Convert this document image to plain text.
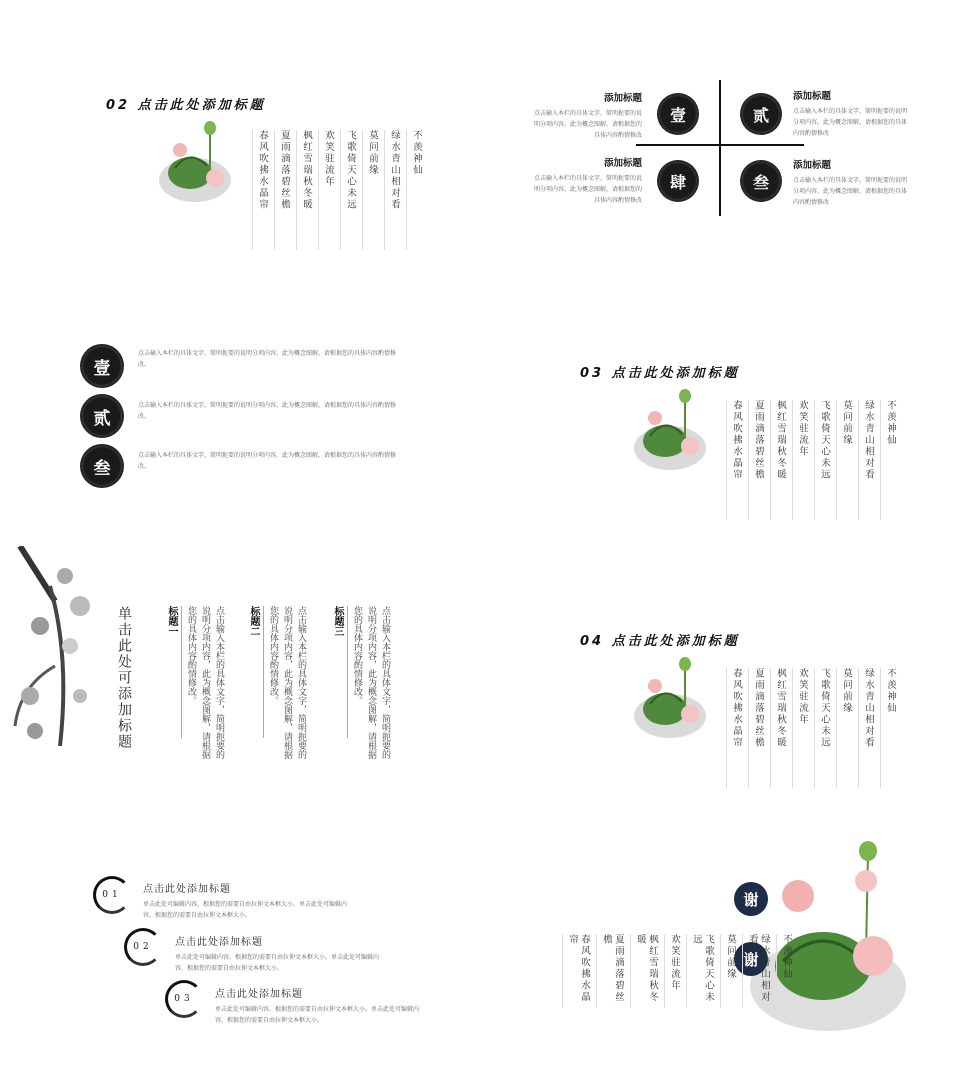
02 点击此处添加标题
不羡神仙
绿水青山相对看
莫问前缘
飞歌倚天心未远
欢笑驻流年
枫红雪瑞秋冬暖
夏雨滴落碧丝檐
春风吹拂水晶帘
壹	贰
肆	叁
添加标题
点击输入本栏的具体文字，简明扼要的说明分项内容，此为概念图解，请根据您的具体内容酌情修改
添加标题
点击输入本栏的具体文字，简明扼要的说明分项内容，此为概念图解，请根据您的具体内容酌情修改
添加标题
点击输入本栏的具体文字，简明扼要的说明分项内容，此为概念图解，请根据您的具体内容酌情修改
添加标题
点击输入本栏的具体文字，简明扼要的说明分项内容，此为概念图解，请根据您的具体内容酌情修改
壹
点击输入本栏的具体文字，简明扼要的说明分项内容，此为概念图解，请根据您的具体内容酌情修改。
贰
点击输入本栏的具体文字，简明扼要的说明分项内容，此为概念图解，请根据您的具体内容酌情修改。
叁
点击输入本栏的具体文字，简明扼要的说明分项内容，此为概念图解，请根据您的具体内容酌情修改。
03 点击此处添加标题
不羡神仙
绿水青山相对看
莫问前缘
飞歌倚天心未远
欢笑驻流年
枫红雪瑞秋冬暖
夏雨滴落碧丝檐
春风吹拂水晶帘
单击此处可添加标题	标题一	点击输入本栏的具体文字，简明扼要的说明分项内容，此为概念图解，请根据您的具体内容酌情修改。	标题二	点击输入本栏的具体文字，简明扼要的说明分项内容，此为概念图解，请根据您的具体内容酌情修改。	标题三	点击输入本栏的具体文字，简明扼要的说明分项内容，此为概念图解，请根据您的具体内容酌情修改。	04 点击此处添加标题
不羡神仙
绿水青山相对看
莫问前缘
飞歌倚天心未远
欢笑驻流年
枫红雪瑞秋冬暖
夏雨滴落碧丝檐
春风吹拂水晶帘
01	点击此处添加标题
单击此处可编辑内容，根据您的需要自由拉伸文本框大小。单击此处可编辑内容，根据您的需要自由拉伸文本框大小。
02	点击此处添加标题
单击此处可编辑内容，根据您的需要自由拉伸文本框大小。单击此处可编辑内容，根据您的需要自由拉伸文本框大小。
03	点击此处添加标题
单击此处可编辑内容，根据您的需要自由拉伸文本框大小。单击此处可编辑内容，根据您的需要自由拉伸文本框大小。
谢
谢	不羡神仙
绿水青山相对看
莫问前缘
飞歌倚天心未远
欢笑驻流年
枫红雪瑞秋冬暖
夏雨滴落碧丝檐
春风吹拂水晶帘
